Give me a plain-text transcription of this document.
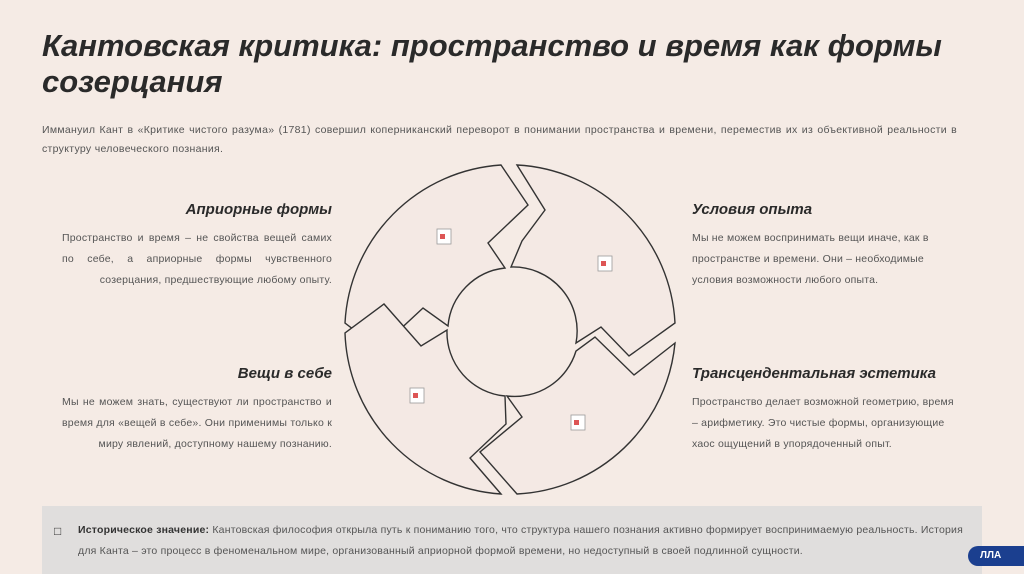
Кантовская критика: пространство и время как формы созерцания

Иммануил Кант в «Критике чистого разума» (1781) совершил коперниканский переворот в понимании пространства и времени, переместив их из объективной реальности в структуру человеческого познания.

Априорные формы

Пространство и время – не свойства вещей самих по себе, а априорные формы чувственного созерцания, предшествующие любому опыту.

Условия опыта

Мы не можем воспринимать вещи иначе, как в пространстве и времени. Они – необходимые условия возможности любого опыта.

Вещи в себе

Мы не можем знать, существуют ли пространство и время для «вещей в себе». Они применимы только к миру явлений, доступному нашему познанию.

Трансцендентальная эстетика

Пространство делает возможной геометрию, время – арифметику. Это чистые формы, организующие хаос ощущений в упорядоченный опыт.

□ Историческое значение: Кантовская философия открыла путь к пониманию того, что структура нашего познания активно формирует воспринимаемую реальность. История для Канта – это процесс в феноменальном мире, организованный априорной формой времени, но недоступный в своей подлинной сущности.	ЛЛА
